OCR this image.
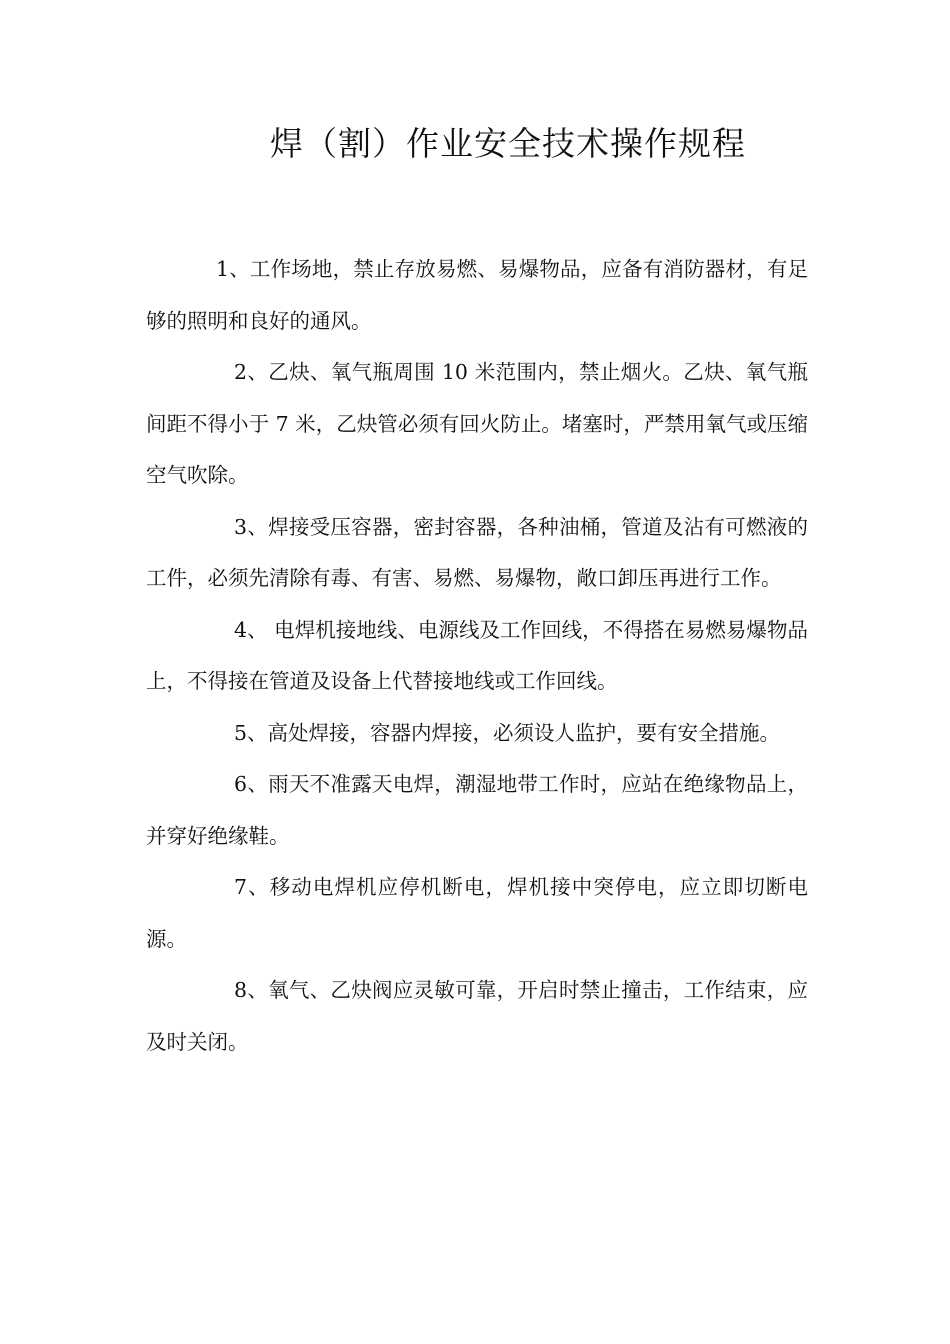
焊（割）作业安全技术操作规程

1、工作场地，禁止存放易燃、易爆物品，应备有消防器材，有足够的照明和良好的通风。

2、乙炔、氧气瓶周围 10 米范围内，禁止烟火。乙炔、氧气瓶间距不得小于 7 米，乙炔管必须有回火防止。堵塞时，严禁用氧气或压缩空气吹除。

3、焊接受压容器，密封容器，各种油桶，管道及沾有可燃液的工件，必须先清除有毒、有害、易燃、易爆物，敞口卸压再进行工作。

4、 电焊机接地线、电源线及工作回线，不得搭在易燃易爆物品上，不得接在管道及设备上代替接地线或工作回线。

5、高处焊接，容器内焊接，必须设人监护，要有安全措施。

6、雨天不准露天电焊，潮湿地带工作时，应站在绝缘物品上，并穿好绝缘鞋。

7、移动电焊机应停机断电，焊机接中突停电，应立即切断电源。

8、氧气、乙炔阀应灵敏可靠，开启时禁止撞击，工作结束，应及时关闭。
